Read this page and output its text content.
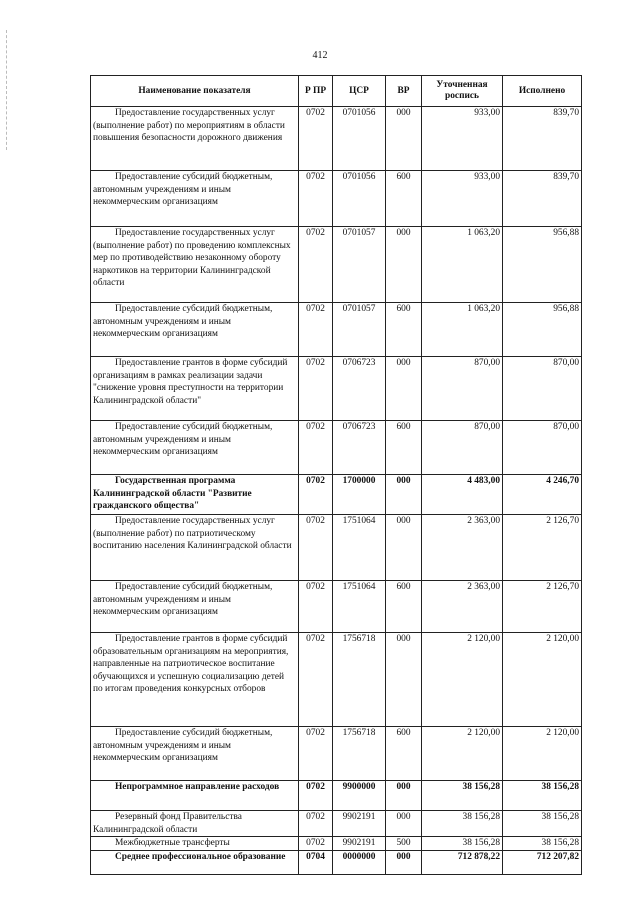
412
Наименование показателя	Р ПР	ЦСР	ВР	Уточненная роспись	Исполнено
Предоставление государственных услуг (выполнение работ) по мероприятиям в области повышения безопасности дорожного движения	0702	0701056	000	933,00	839,70
Предоставление субсидий бюджетным, автономным учреждениям и иным некоммерческим организациям	0702	0701056	600	933,00	839,70
Предоставление государственных услуг (выполнение работ) по проведению комплексных мер по противодействию незаконному обороту наркотиков на территории Калининградской области	0702	0701057	000	1 063,20	956,88
Предоставление субсидий бюджетным, автономным учреждениям и иным некоммерческим организациям	0702	0701057	600	1 063,20	956,88
Предоставление грантов в форме субсидий организациям в рамках реализации задачи "снижение уровня преступности на территории Калининградской области"	0702	0706723	000	870,00	870,00
Предоставление субсидий бюджетным, автономным учреждениям и иным некоммерческим организациям	0702	0706723	600	870,00	870,00
Государственная программа Калининградской области "Развитие гражданского общества"	0702	1700000	000	4 483,00	4 246,70
Предоставление государственных услуг (выполнение работ) по патриотическому воспитанию населения Калининградской области	0702	1751064	000	2 363,00	2 126,70
Предоставление субсидий бюджетным, автономным учреждениям и иным некоммерческим организациям	0702	1751064	600	2 363,00	2 126,70
Предоставление грантов в форме субсидий образовательным организациям на мероприятия, направленные на патриотическое воспитание обучающихся и успешную социализацию детей по итогам проведения конкурсных отборов	0702	1756718	000	2 120,00	2 120,00
Предоставление субсидий бюджетным, автономным учреждениям и иным некоммерческим организациям	0702	1756718	600	2 120,00	2 120,00
Непрограммное направление расходов	0702	9900000	000	38 156,28	38 156,28
Резервный фонд Правительства Калининградской области	0702	9902191	000	38 156,28	38 156,28
Межбюджетные трансферты	0702	9902191	500	38 156,28	38 156,28
Среднее профессиональное образование	0704	0000000	000	712 878,22	712 207,82
